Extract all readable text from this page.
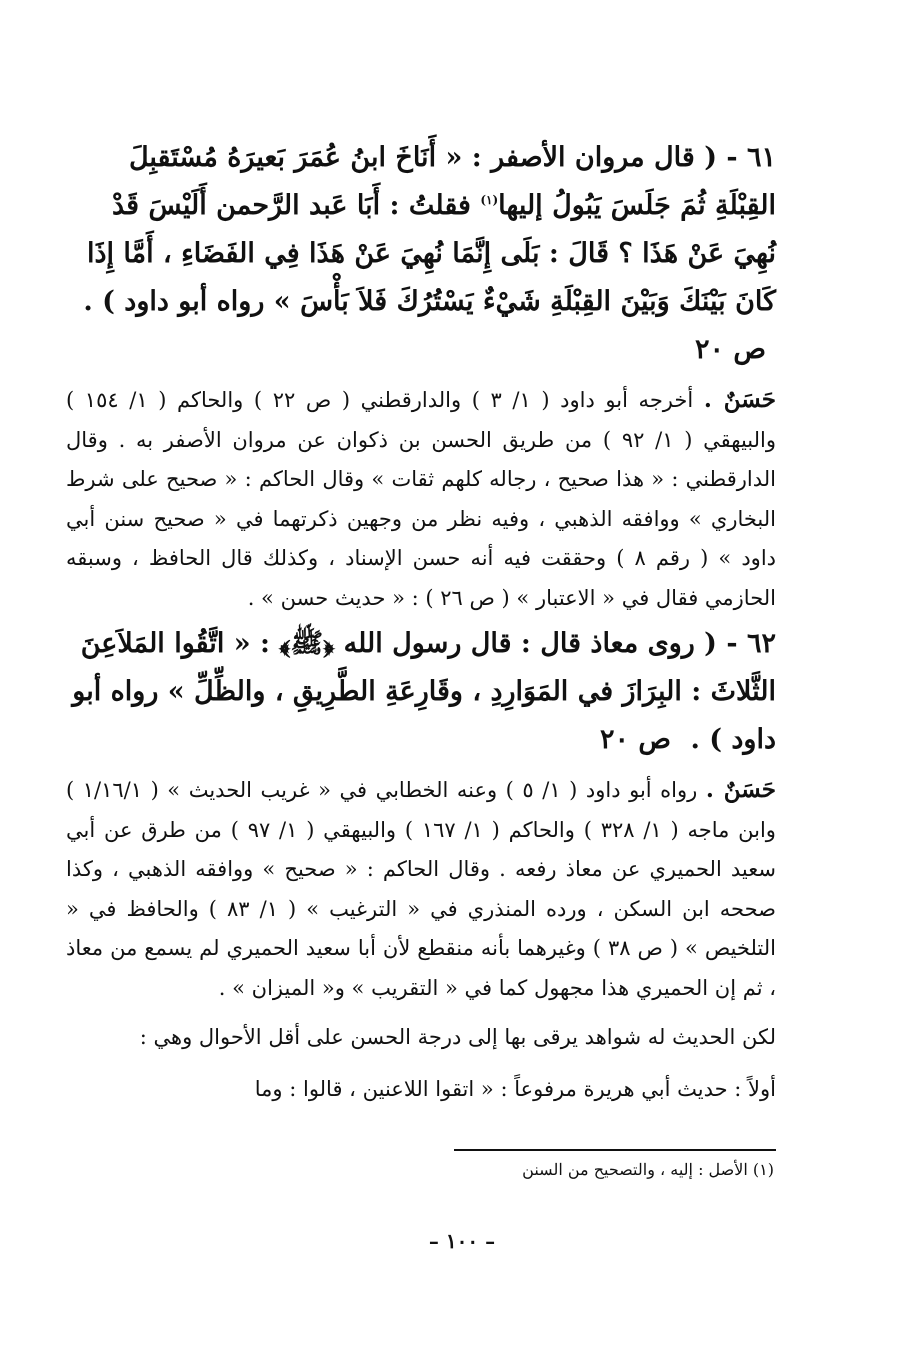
٦١ - ( قال مروان الأصفر : « أَنَاخَ ابنُ عُمَرَ بَعيرَهُ مُسْتَقبِلَ القِبْلَةِ ثُمَ جَلَسَ يَبُولُ إليها$^{(١)}$ فقلتُ : أَبَا عَبد الرَّحمن أَلَيْسَ قَدْ نُهِيَ عَنْ هَذَا ؟ قَالَ : بَلَى إِنَّمَا نُهِيَ عَنْ هَذَا فِي الفَضَاءِ ، أَمَّا إِذَا كَانَ بَيْنَكَ وَبَيْنَ القِبْلَةِ شَيْءٌ يَسْتُرُكَ فَلاَ بَأْسَ » رواه أبو داود ) . ص ٢٠

حَسَنٌ . أخرجه أبو داود ( ١/ ٣ ) والدارقطني ( ص ٢٢ ) والحاكم ( ١/ ١٥٤ ) والبيهقي ( ١/ ٩٢ ) من طريق الحسن بن ذكوان عن مروان الأصفر به . وقال الدارقطني : « هذا صحيح ، رجاله كلهم ثقات » وقال الحاكم : « صحيح على شرط البخاري » ووافقه الذهبي ، وفيه نظر من وجهين ذكرتهما في « صحيح سنن أبي داود » ( رقم ٨ ) وحققت فيه أنه حسن الإسناد ، وكذلك قال الحافظ ، وسبقه الحازمي فقال في « الاعتبار » ( ص ٢٦ ) : « حديث حسن » .

٦٢ - ( روى معاذ قال : قال رسول الله ﴿ﷺ﴾ : « اتَّقُوا المَلاَعِنَ الثَّلاثَ : البِرَازَ في المَوَارِدِ ، وقَارِعَةِ الطَّرِيقِ ، والظِّلِّ » رواه أبو داود ) . ص ٢٠

حَسَنٌ . رواه أبو داود ( ١/ ٥ ) وعنه الخطابي في « غريب الحديث » ( ١/١٦/١ ) وابن ماجه ( ١/ ٣٢٨ ) والحاكم ( ١/ ١٦٧ ) والبيهقي ( ١/ ٩٧ ) من طرق عن أبي سعيد الحميري عن معاذ رفعه . وقال الحاكم : « صحيح » ووافقه الذهبي ، وكذا صححه ابن السكن ، ورده المنذري في « الترغيب » ( ١/ ٨٣ ) والحافظ في « التلخيص » ( ص ٣٨ ) وغيرهما بأنه منقطع لأن أبا سعيد الحميري لم يسمع من معاذ ، ثم إن الحميري هذا مجهول كما في « التقريب » و« الميزان » .

لكن الحديث له شواهد يرقى بها إلى درجة الحسن على أقل الأحوال وهي :

أولاً : حديث أبي هريرة مرفوعاً : « اتقوا اللاعنين ، قالوا : وما

(١) الأصل : إليه ، والتصحيح من السنن
– ١٠٠ –
